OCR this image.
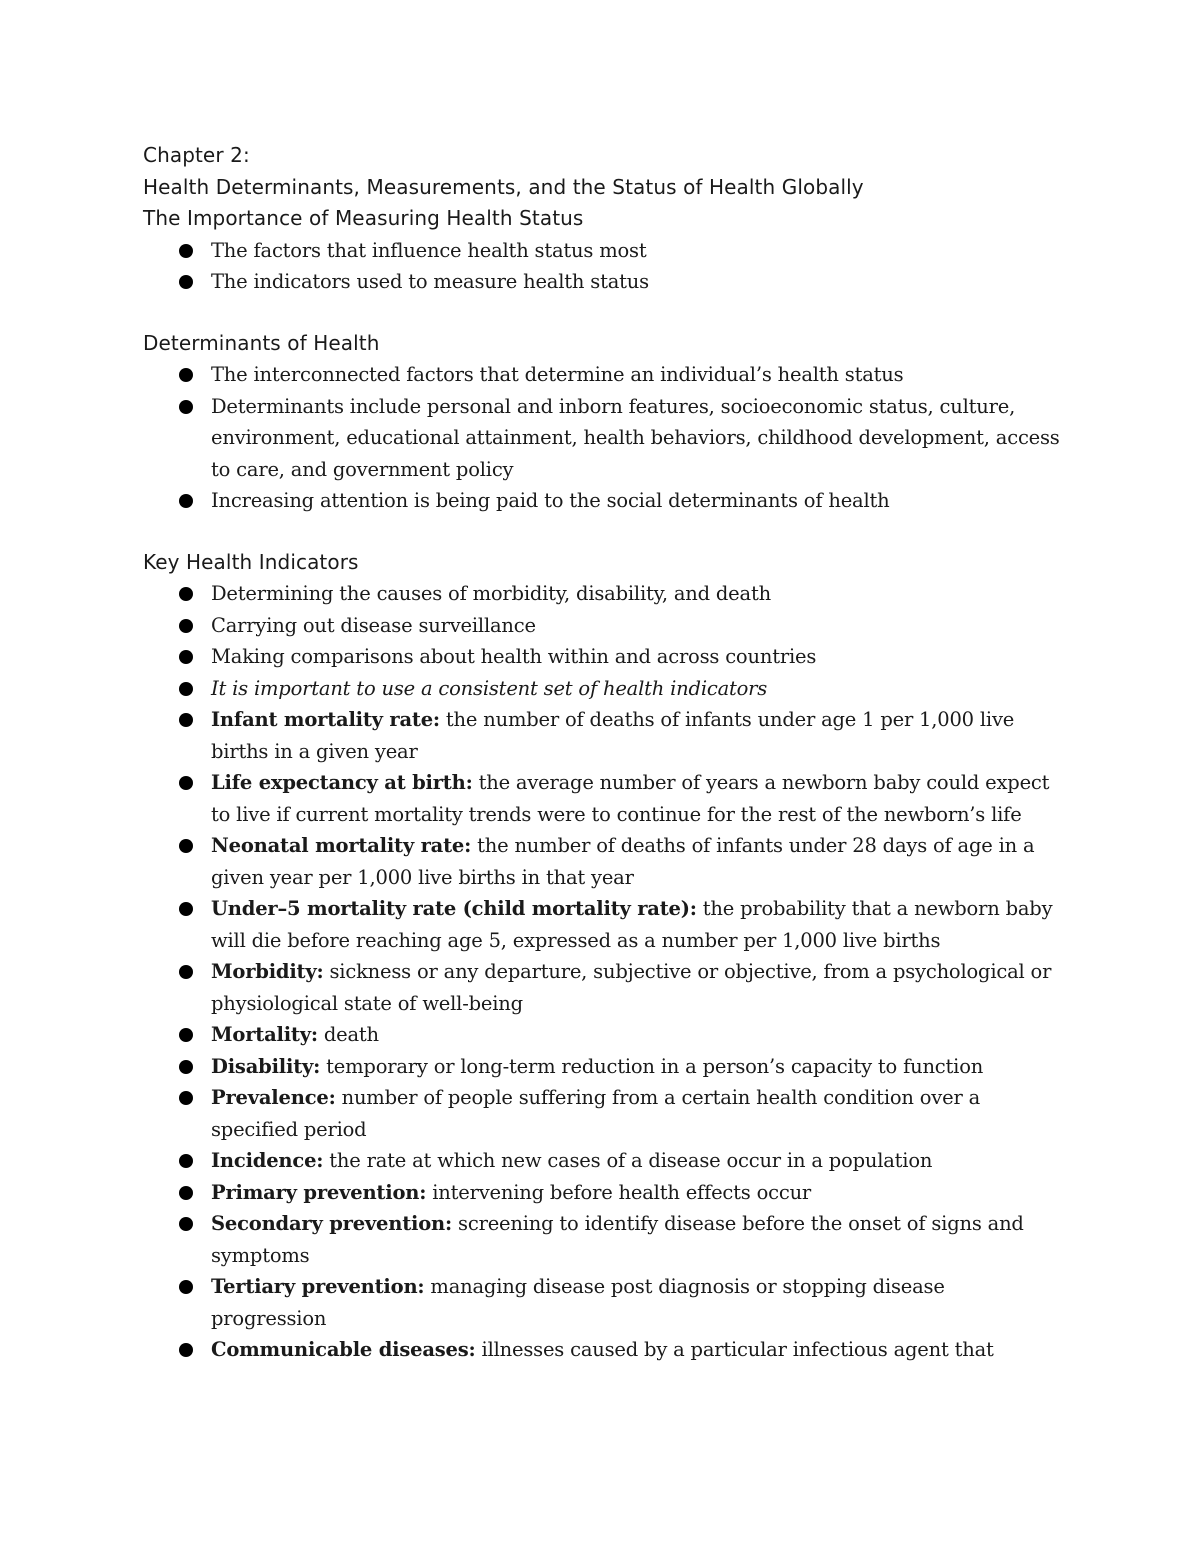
Chapter 2:

Health Determinants, Measurements, and the Status of Health Globally

The Importance of Measuring Health Status

The factors that influence health status most
The indicators used to measure health status

Determinants of Health

The interconnected factors that determine an individual’s health status
Determinants include personal and inborn features, socioeconomic status, culture, environment, educational attainment, health behaviors, childhood development, access to care, and government policy
Increasing attention is being paid to the social determinants of health

Key Health Indicators

Determining the causes of morbidity, disability, and death
Carrying out disease surveillance
Making comparisons about health within and across countries
It is important to use a consistent set of health indicators
Infant mortality rate: the number of deaths of infants under age 1 per 1,000 live births in a given year
Life expectancy at birth: the average number of years a newborn baby could expect to live if current mortality trends were to continue for the rest of the newborn’s life
Neonatal mortality rate: the number of deaths of infants under 28 days of age in a given year per 1,000 live births in that year
Under–5 mortality rate (child mortality rate): the probability that a newborn baby will die before reaching age 5, expressed as a number per 1,000 live births
Morbidity: sickness or any departure, subjective or objective, from a psychological or physiological state of well-being
Mortality: death
Disability: temporary or long-term reduction in a person’s capacity to function
Prevalence: number of people suffering from a certain health condition over a specified period
Incidence: the rate at which new cases of a disease occur in a population
Primary prevention: intervening before health effects occur
Secondary prevention: screening to identify disease before the onset of signs and symptoms
Tertiary prevention: managing disease post diagnosis or stopping disease progression
Communicable diseases: illnesses caused by a particular infectious agent that
